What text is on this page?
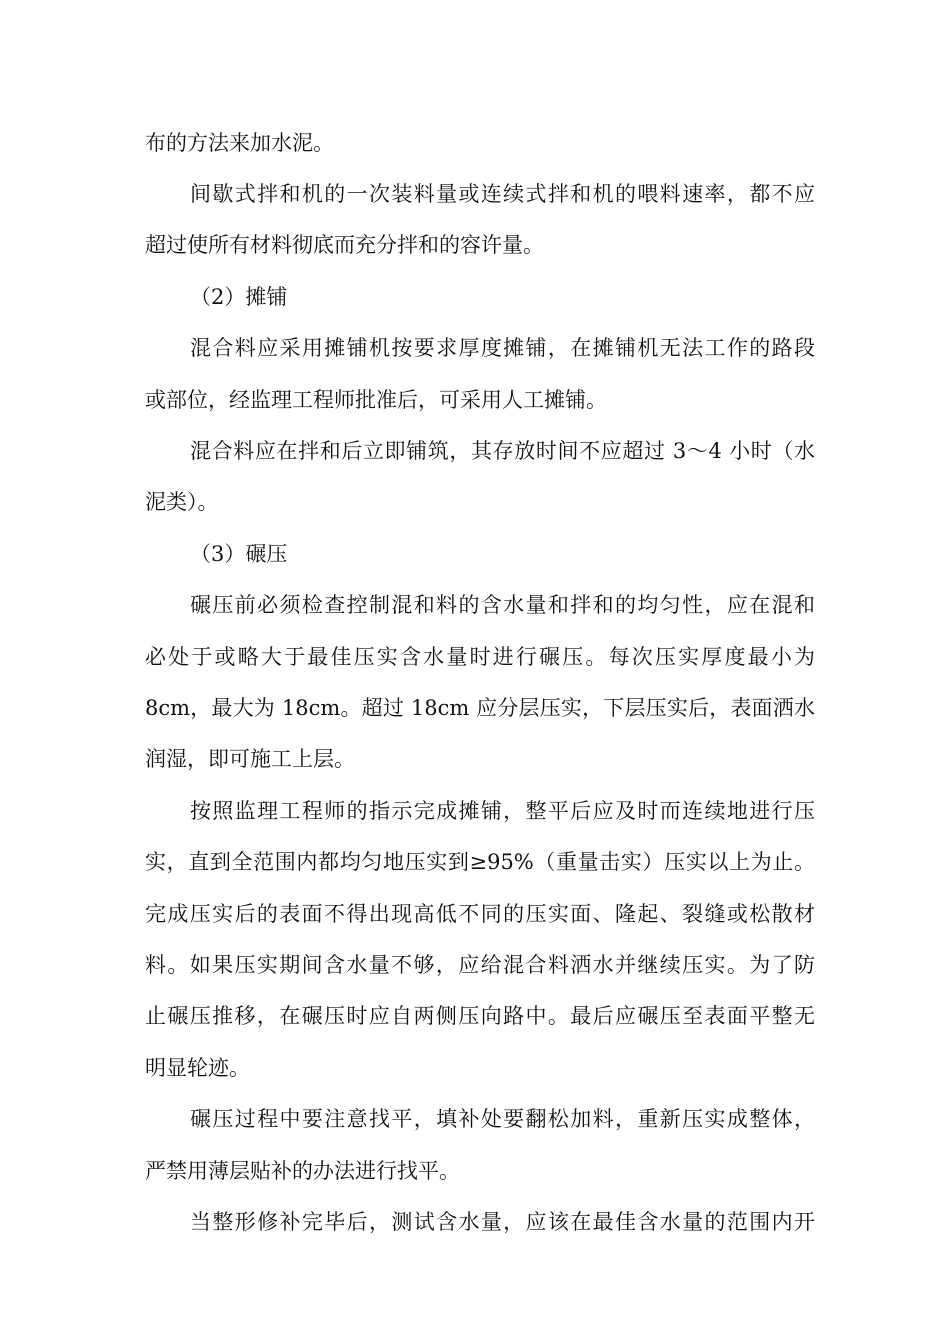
布的方法来加水泥。
间歇式拌和机的一次装料量或连续式拌和机的喂料速率，都不应
超过使所有材料彻底而充分拌和的容许量。
（2）摊铺
混合料应采用摊铺机按要求厚度摊铺，在摊铺机无法工作的路段
或部位，经监理工程师批准后，可采用人工摊铺。
混合料应在拌和后立即铺筑，其存放时间不应超过 3～4 小时（水
泥类）。
（3）碾压
碾压前必须检查控制混和料的含水量和拌和的均匀性，应在混和
必处于或略大于最佳压实含水量时进行碾压。每次压实厚度最小为
8cm，最大为 18cm。超过 18cm 应分层压实，下层压实后，表面洒水
润湿，即可施工上层。
按照监理工程师的指示完成摊铺，整平后应及时而连续地进行压
实，直到全范围内都均匀地压实到≥95%（重量击实）压实以上为止。
完成压实后的表面不得出现高低不同的压实面、隆起、裂缝或松散材
料。如果压实期间含水量不够，应给混合料洒水并继续压实。为了防
止碾压推移，在碾压时应自两侧压向路中。最后应碾压至表面平整无
明显轮迹。
碾压过程中要注意找平，填补处要翻松加料，重新压实成整体，
严禁用薄层贴补的办法进行找平。
当整形修补完毕后，测试含水量，应该在最佳含水量的范围内开
